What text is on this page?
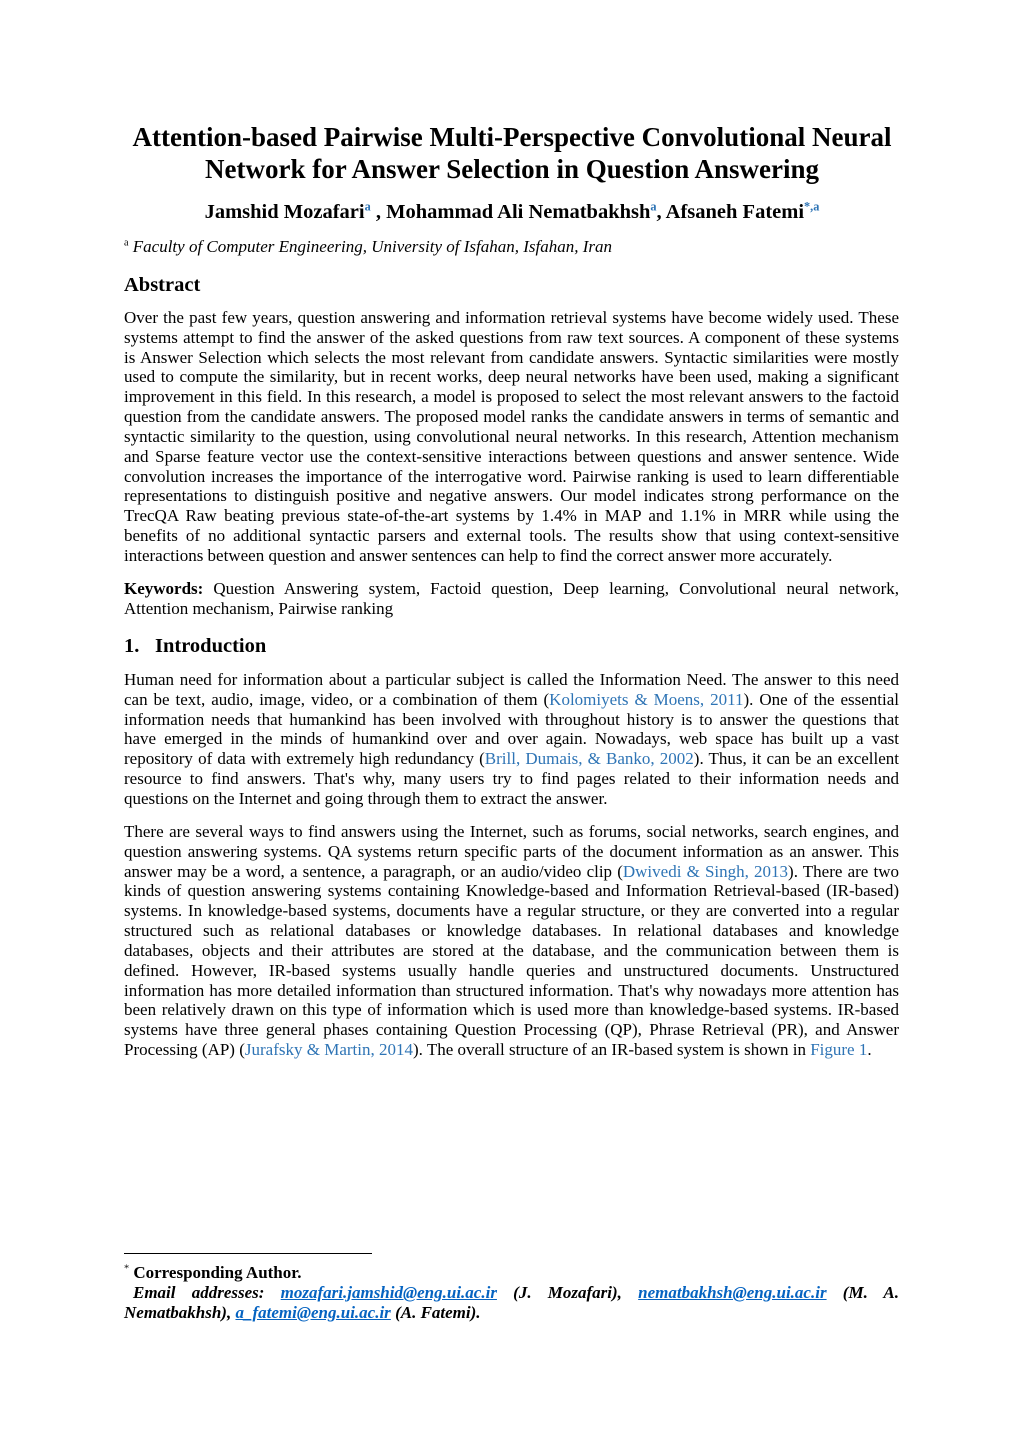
Attention-based Pairwise Multi-Perspective Convolutional Neural
Network for Answer Selection in Question Answering
Jamshid Mozafari$^a$ , Mohammad Ali Nematbakhsh$^a$, Afsaneh Fatemi$^{*,a}$
$^a$ Faculty of Computer Engineering, University of Isfahan, Isfahan, Iran
Abstract
Over the past few years, question answering and information retrieval systems have become widely used. These
systems attempt to find the answer of the asked questions from raw text sources. A component of these systems
is Answer Selection which selects the most relevant from candidate answers. Syntactic similarities were mostly
used to compute the similarity, but in recent works, deep neural networks have been used, making a significant
improvement in this field. In this research, a model is proposed to select the most relevant answers to the factoid
question from the candidate answers. The proposed model ranks the candidate answers in terms of semantic and
syntactic similarity to the question, using convolutional neural networks. In this research, Attention mechanism
and Sparse feature vector use the context-sensitive interactions between questions and answer sentence. Wide
convolution increases the importance of the interrogative word. Pairwise ranking is used to learn differentiable
representations to distinguish positive and negative answers. Our model indicates strong performance on the
TrecQA Raw beating previous state-of-the-art systems by 1.4% in MAP and 1.1% in MRR while using the
benefits of no additional syntactic parsers and external tools. The results show that using context-sensitive
interactions between question and answer sentences can help to find the correct answer more accurately.
Keywords: Question Answering system, Factoid question, Deep learning, Convolutional neural network,
Attention mechanism, Pairwise ranking
1. Introduction
Human need for information about a particular subject is called the Information Need. The answer to this need
can be text, audio, image, video, or a combination of them (Kolomiyets & Moens, 2011). One of the essential
information needs that humankind has been involved with throughout history is to answer the questions that
have emerged in the minds of humankind over and over again. Nowadays, web space has built up a vast
repository of data with extremely high redundancy (Brill, Dumais, & Banko, 2002). Thus, it can be an excellent
resource to find answers. That's why, many users try to find pages related to their information needs and
questions on the Internet and going through them to extract the answer.
There are several ways to find answers using the Internet, such as forums, social networks, search engines, and
question answering systems. QA systems return specific parts of the document information as an answer. This
answer may be a word, a sentence, a paragraph, or an audio/video clip (Dwivedi & Singh, 2013). There are two
kinds of question answering systems containing Knowledge-based and Information Retrieval-based (IR-based)
systems. In knowledge-based systems, documents have a regular structure, or they are converted into a regular
structured such as relational databases or knowledge databases. In relational databases and knowledge
databases, objects and their attributes are stored at the database, and the communication between them is
defined. However, IR-based systems usually handle queries and unstructured documents. Unstructured
information has more detailed information than structured information. That's why nowadays more attention has
been relatively drawn on this type of information which is used more than knowledge-based systems. IR-based
systems have three general phases containing Question Processing (QP), Phrase Retrieval (PR), and Answer
Processing (AP) (Jurafsky & Martin, 2014). The overall structure of an IR-based system is shown in Figure 1.
* Corresponding Author.
Email addresses: mozafari.jamshid@eng.ui.ac.ir (J. Mozafari), nematbakhsh@eng.ui.ac.ir (M. A.
Nematbakhsh), a_fatemi@eng.ui.ac.ir (A. Fatemi).
